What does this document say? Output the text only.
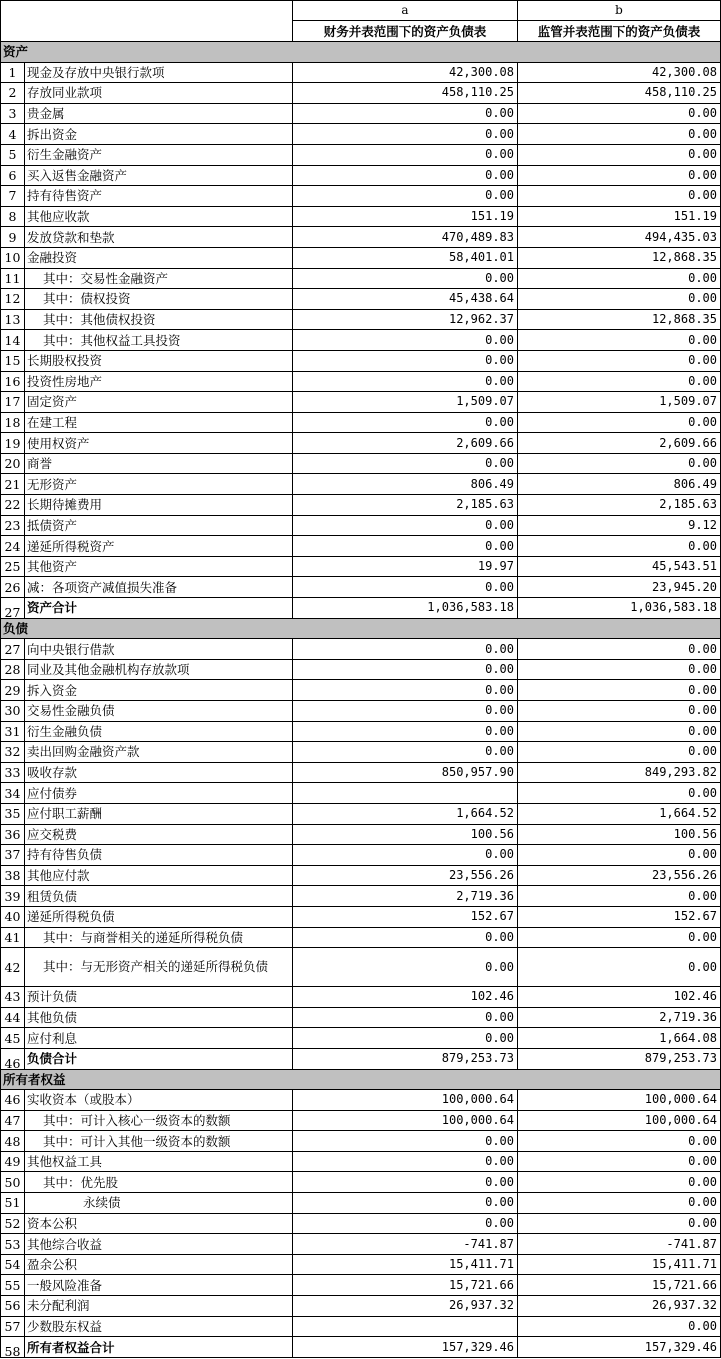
		a	b
		财务并表范围下的资产负债表	监管并表范围下的资产负债表
资产			
1	现金及存放中央银行款项	42,300.08	42,300.08
2	存放同业款项	458,110.25	458,110.25
3	贵金属	0.00	0.00
4	拆出资金	0.00	0.00
5	衍生金融资产	0.00	0.00
6	买入返售金融资产	0.00	0.00
7	持有待售资产	0.00	0.00
8	其他应收款	151.19	151.19
9	发放贷款和垫款	470,489.83	494,435.03
10	金融投资	58,401.01	12,868.35
11	其中：交易性金融资产	0.00	0.00
12	其中：债权投资	45,438.64	0.00
13	其中：其他债权投资	12,962.37	12,868.35
14	其中：其他权益工具投资	0.00	0.00
15	长期股权投资	0.00	0.00
16	投资性房地产	0.00	0.00
17	固定资产	1,509.07	1,509.07
18	在建工程	0.00	0.00
19	使用权资产	2,609.66	2,609.66
20	商誉	0.00	0.00
21	无形资产	806.49	806.49
22	长期待摊费用	2,185.63	2,185.63
23	抵债资产	0.00	9.12
24	递延所得税资产	0.00	0.00
25	其他资产	19.97	45,543.51
26	减：各项资产减值损失准备	0.00	23,945.20
27	资产合计	1,036,583.18	1,036,583.18
负债			
27	向中央银行借款	0.00	0.00
28	同业及其他金融机构存放款项	0.00	0.00
29	拆入资金	0.00	0.00
30	交易性金融负债	0.00	0.00
31	衍生金融负债	0.00	0.00
32	卖出回购金融资产款	0.00	0.00
33	吸收存款	850,957.90	849,293.82
34	应付债券		0.00
35	应付职工薪酬	1,664.52	1,664.52
36	应交税费	100.56	100.56
37	持有待售负债	0.00	0.00
38	其他应付款	23,556.26	23,556.26
39	租赁负债	2,719.36	0.00
40	递延所得税负债	152.67	152.67
41	其中：与商誉相关的递延所得税负债	0.00	0.00
42	其中：与无形资产相关的递延所得税负债	0.00	0.00
43	预计负债	102.46	102.46
44	其他负债	0.00	2,719.36
45	应付利息	0.00	1,664.08
46	负债合计	879,253.73	879,253.73
所有者权益			
46	实收资本（或股本）	100,000.64	100,000.64
47	其中：可计入核心一级资本的数额	100,000.64	100,000.64
48	其中：可计入其他一级资本的数额	0.00	0.00
49	其他权益工具	0.00	0.00
50	其中：优先股	0.00	0.00
51	永续债	0.00	0.00
52	资本公积	0.00	0.00
53	其他综合收益	-741.87	-741.87
54	盈余公积	15,411.71	15,411.71
55	一般风险准备	15,721.66	15,721.66
56	未分配利润	26,937.32	26,937.32
57	少数股东权益		0.00
58	所有者权益合计	157,329.46	157,329.46
